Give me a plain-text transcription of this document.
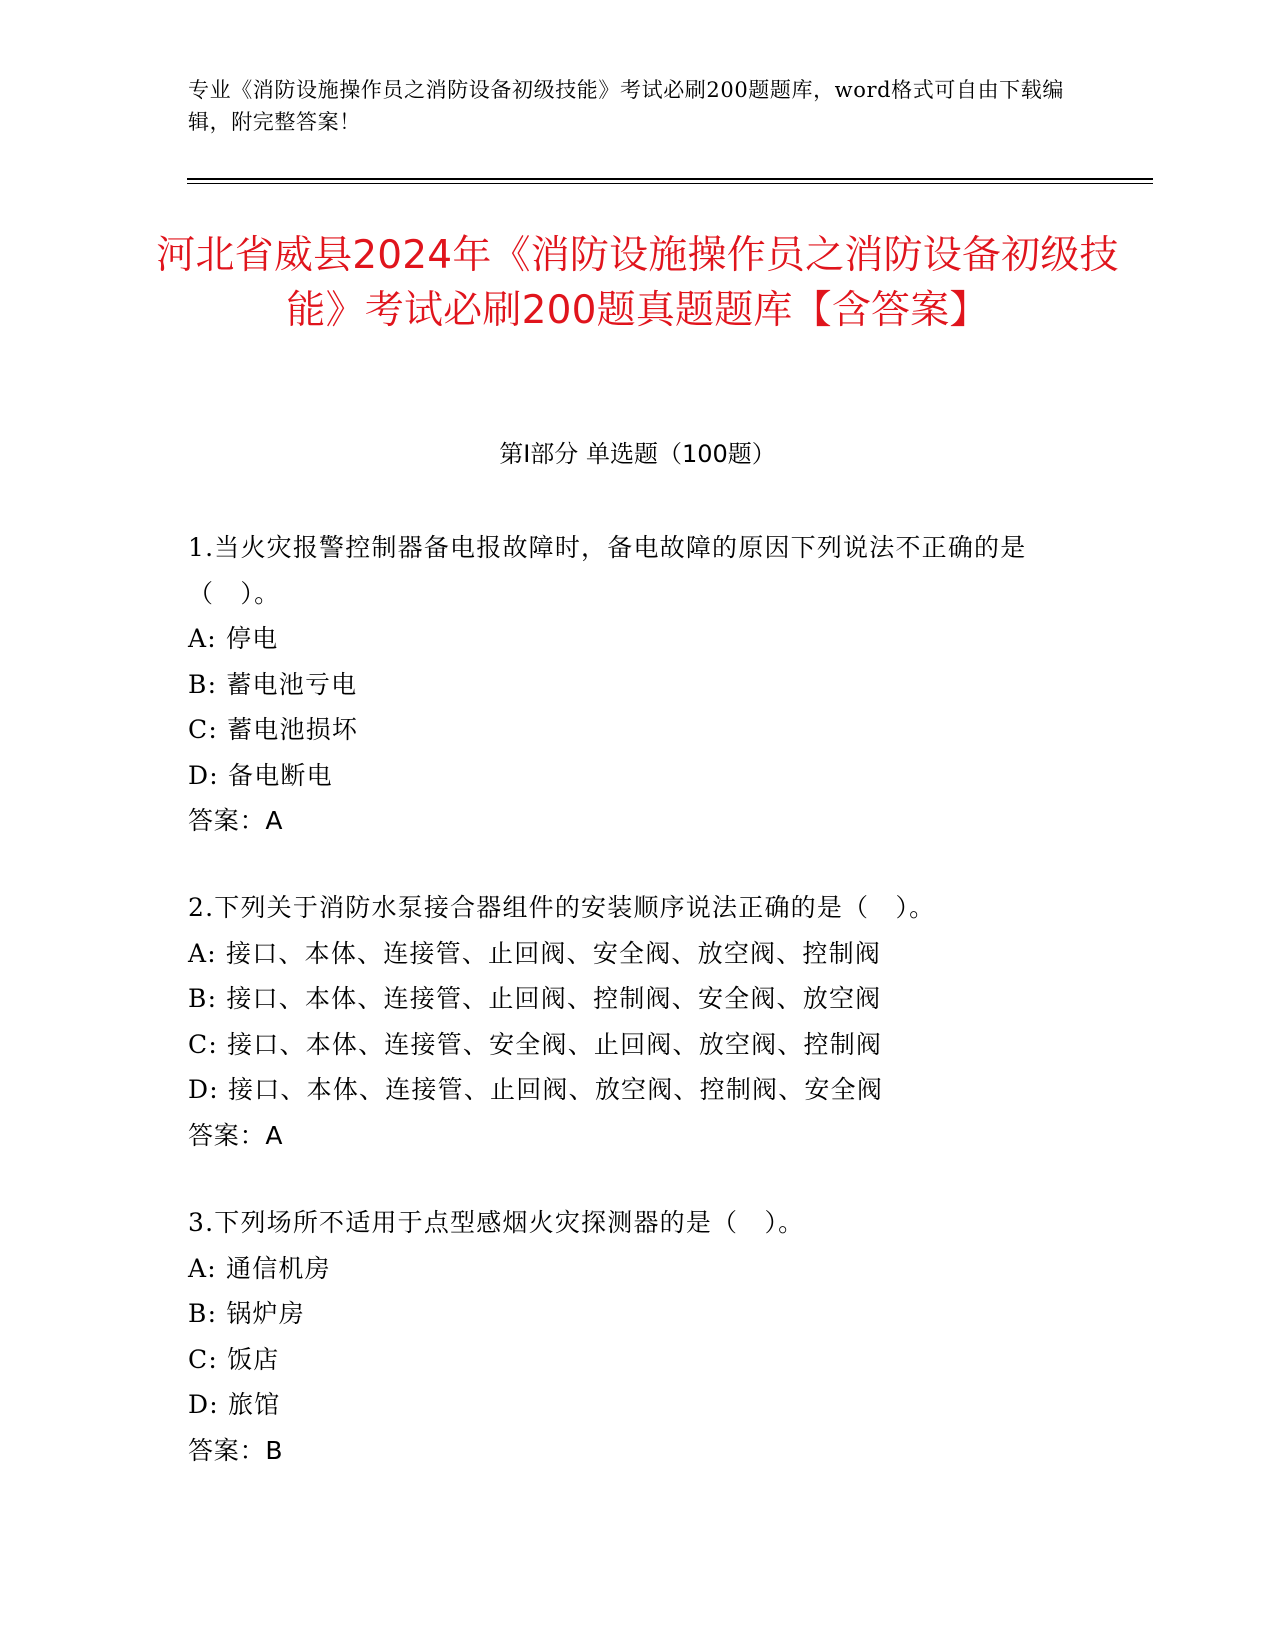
专业《消防设施操作员之消防设备初级技能》考试必刷200题题库，word格式可自由下载编辑，附完整答案！
河北省威县2024年《消防设施操作员之消防设备初级技能》考试必刷200题真题题库【含答案】
第Ⅰ部分 单选题（100题）
1.当火灾报警控制器备电报故障时，备电故障的原因下列说法不正确的是（　）。
A: 停电
B: 蓄电池亏电
C: 蓄电池损坏
D: 备电断电
答案：A
2.下列关于消防水泵接合器组件的安装顺序说法正确的是（　）。
A: 接口、本体、连接管、止回阀、安全阀、放空阀、控制阀
B: 接口、本体、连接管、止回阀、控制阀、安全阀、放空阀
C: 接口、本体、连接管、安全阀、止回阀、放空阀、控制阀
D: 接口、本体、连接管、止回阀、放空阀、控制阀、安全阀
答案：A
3.下列场所不适用于点型感烟火灾探测器的是（　）。
A: 通信机房
B: 锅炉房
C: 饭店
D: 旅馆
答案：B
